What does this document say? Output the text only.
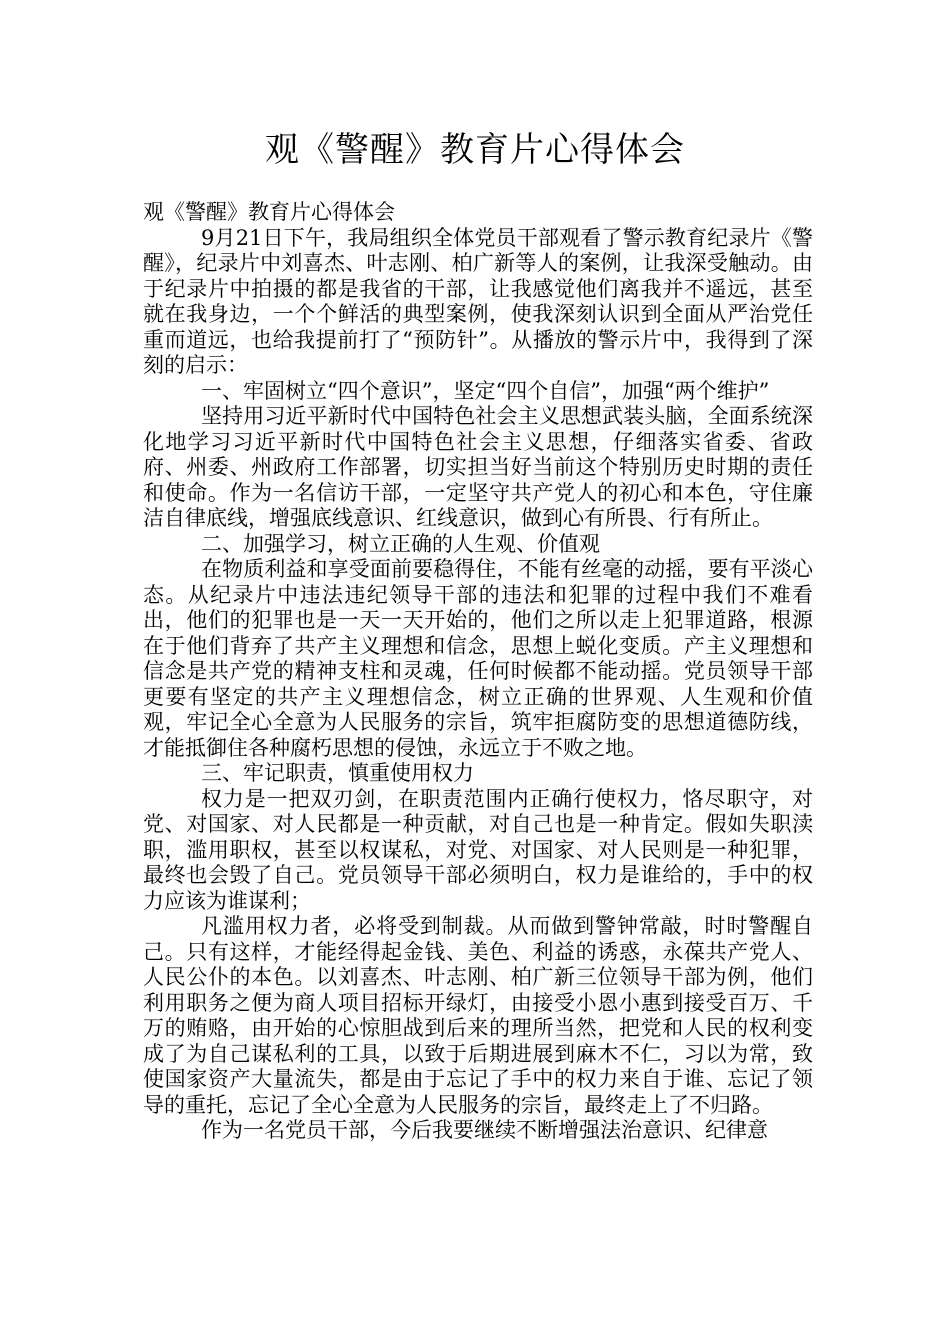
观《警醒》教育片心得体会

观《警醒》教育片心得体会

9月21日下午，我局组织全体党员干部观看了警示教育纪录片《警醒》，纪录片中刘喜杰、叶志刚、柏广新等人的案例，让我深受触动。由于纪录片中拍摄的都是我省的干部，让我感觉他们离我并不遥远，甚至就在我身边，一个个鲜活的典型案例，使我深刻认识到全面从严治党任重而道远，也给我提前打了“预防针”。从播放的警示片中，我得到了深刻的启示：

一、牢固树立“四个意识”，坚定“四个自信”，加强“两个维护”

坚持用习近平新时代中国特色社会主义思想武装头脑，全面系统深化地学习习近平新时代中国特色社会主义思想，仔细落实省委、省政府、州委、州政府工作部署，切实担当好当前这个特别历史时期的责任和使命。作为一名信访干部，一定坚守共产党人的初心和本色，守住廉洁自律底线，增强底线意识、红线意识，做到心有所畏、行有所止。

二、加强学习，树立正确的人生观、价值观

在物质利益和享受面前要稳得住，不能有丝毫的动摇，要有平淡心态。从纪录片中违法违纪领导干部的违法和犯罪的过程中我们不难看出，他们的犯罪也是一天一天开始的，他们之所以走上犯罪道路，根源在于他们背弃了共产主义理想和信念，思想上蜕化变质。产主义理想和信念是共产党的精神支柱和灵魂，任何时候都不能动摇。党员领导干部更要有坚定的共产主义理想信念，树立正确的世界观、人生观和价值观，牢记全心全意为人民服务的宗旨，筑牢拒腐防变的思想道德防线，才能抵御住各种腐朽思想的侵蚀，永远立于不败之地。

三、牢记职责，慎重使用权力

权力是一把双刃剑，在职责范围内正确行使权力，恪尽职守，对党、对国家、对人民都是一种贡献，对自己也是一种肯定。假如失职渎职，滥用职权，甚至以权谋私，对党、对国家、对人民则是一种犯罪，最终也会毁了自己。党员领导干部必须明白，权力是谁给的，手中的权力应该为谁谋利；

凡滥用权力者，必将受到制裁。从而做到警钟常敲，时时警醒自己。只有这样，才能经得起金钱、美色、利益的诱惑，永葆共产党人、人民公仆的本色。以刘喜杰、叶志刚、柏广新三位领导干部为例，他们利用职务之便为商人项目招标开绿灯，由接受小恩小惠到接受百万、千万的贿赂，由开始的心惊胆战到后来的理所当然，把党和人民的权利变成了为自己谋私利的工具，以致于后期进展到麻木不仁，习以为常，致使国家资产大量流失，都是由于忘记了手中的权力来自于谁、忘记了领导的重托，忘记了全心全意为人民服务的宗旨，最终走上了不归路。

作为一名党员干部，今后我要继续不断增强法治意识、纪律意
